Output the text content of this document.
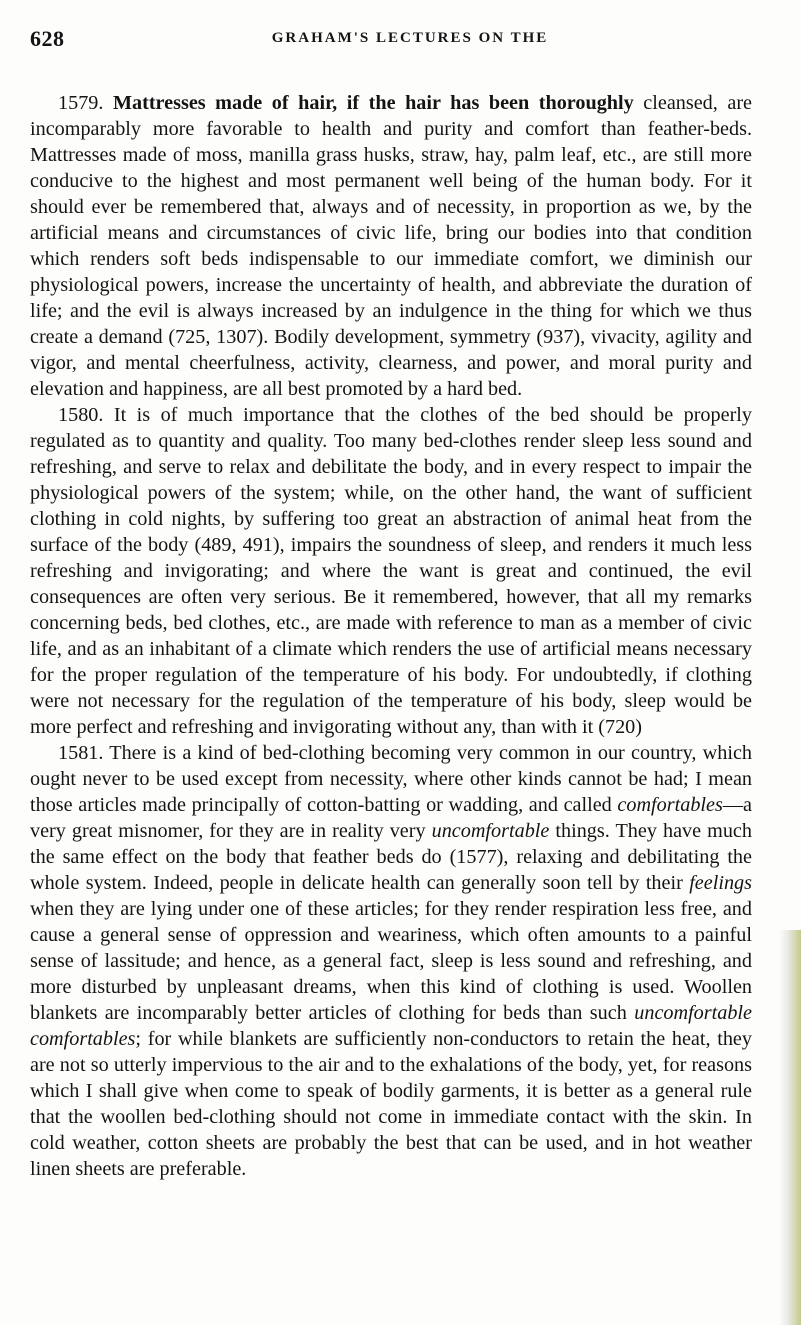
628	GRAHAM'S LECTURES ON THE

1579. Mattresses made of hair, if the hair has been thoroughly cleansed, are incomparably more favorable to health and purity and comfort than feather-beds. Mattresses made of moss, manilla grass husks, straw, hay, palm leaf, etc., are still more conducive to the highest and most permanent well being of the human body. For it should ever be remembered that, always and of necessity, in proportion as we, by the artificial means and circumstances of civic life, bring our bodies into that condition which renders soft beds indispensable to our immediate comfort, we diminish our physiological powers, increase the uncertainty of health, and abbreviate the duration of life; and the evil is always increased by an indulgence in the thing for which we thus create a demand (725, 1307). Bodily development, symmetry (937), vivacity, agility and vigor, and mental cheerfulness, activity, clearness, and power, and moral purity and elevation and happiness, are all best promoted by a hard bed.

1580. It is of much importance that the clothes of the bed should be properly regulated as to quantity and quality. Too many bed-clothes render sleep less sound and refreshing, and serve to relax and debilitate the body, and in every respect to impair the physiological powers of the system; while, on the other hand, the want of sufficient clothing in cold nights, by suffering too great an abstraction of animal heat from the surface of the body (489, 491), impairs the soundness of sleep, and renders it much less refreshing and invigorating; and where the want is great and continued, the evil consequences are often very serious. Be it remembered, however, that all my remarks concerning beds, bed clothes, etc., are made with reference to man as a member of civic life, and as an inhabitant of a climate which renders the use of artificial means necessary for the proper regulation of the temperature of his body. For undoubtedly, if clothing were not necessary for the regulation of the temperature of his body, sleep would be more perfect and refreshing and invigorating without any, than with it (720)

1581. There is a kind of bed-clothing becoming very common in our country, which ought never to be used except from necessity, where other kinds cannot be had; I mean those articles made principally of cotton-batting or wadding, and called comfortables—a very great misnomer, for they are in reality very uncomfortable things. They have much the same effect on the body that feather beds do (1577), relaxing and debilitating the whole system. Indeed, people in delicate health can generally soon tell by their feelings when they are lying under one of these articles; for they render respiration less free, and cause a general sense of oppression and weariness, which often amounts to a painful sense of lassitude; and hence, as a general fact, sleep is less sound and refreshing, and more disturbed by unpleasant dreams, when this kind of clothing is used. Woollen blankets are incomparably better articles of clothing for beds than such uncomfortable comfortables; for while blankets are sufficiently non-conductors to retain the heat, they are not so utterly impervious to the air and to the exhalations of the body, yet, for reasons which I shall give when come to speak of bodily garments, it is better as a general rule that the woollen bed-clothing should not come in immediate contact with the skin. In cold weather, cotton sheets are probably the best that can be used, and in hot weather linen sheets are preferable.
